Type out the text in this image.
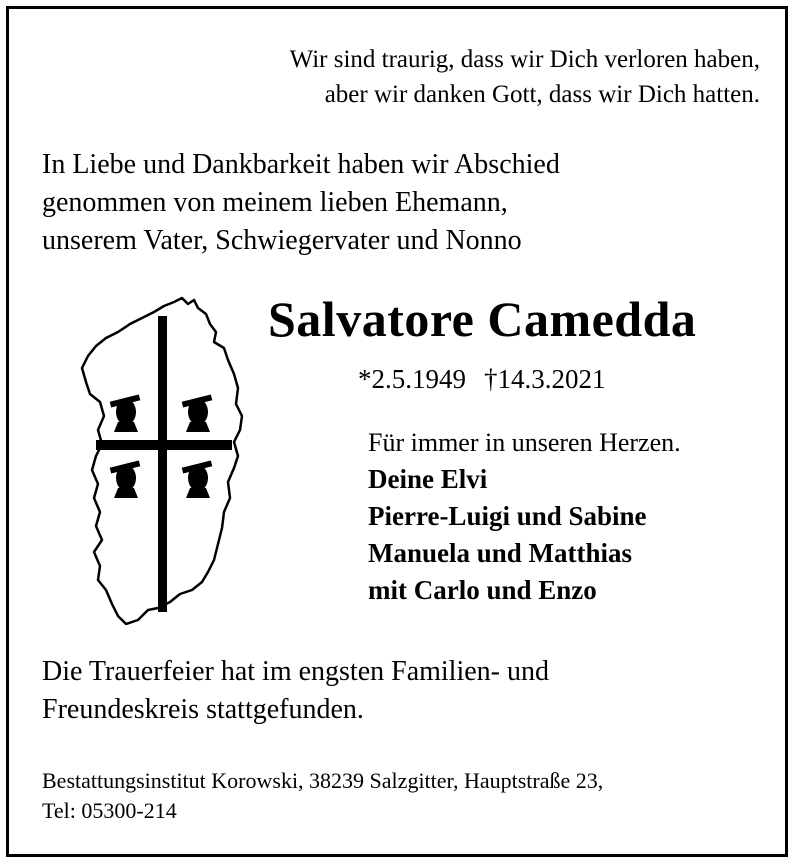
Wir sind traurig, dass wir Dich verloren haben,
aber wir danken Gott, dass wir Dich hatten.
In Liebe und Dankbarkeit haben wir Abschied
genommen von meinem lieben Ehemann,
unserem Vater, Schwiegervater und Nonno
Salvatore Camedda
*2.5.1949 †14.3.2021
Für immer in unseren Herzen.
Deine Elvi
Pierre-Luigi und Sabine
Manuela und Matthias
mit Carlo und Enzo
Die Trauerfeier hat im engsten Familien- und
Freundeskreis stattgefunden.
Bestattungsinstitut Korowski, 38239 Salzgitter, Hauptstraße 23,
Tel: 05300-214
